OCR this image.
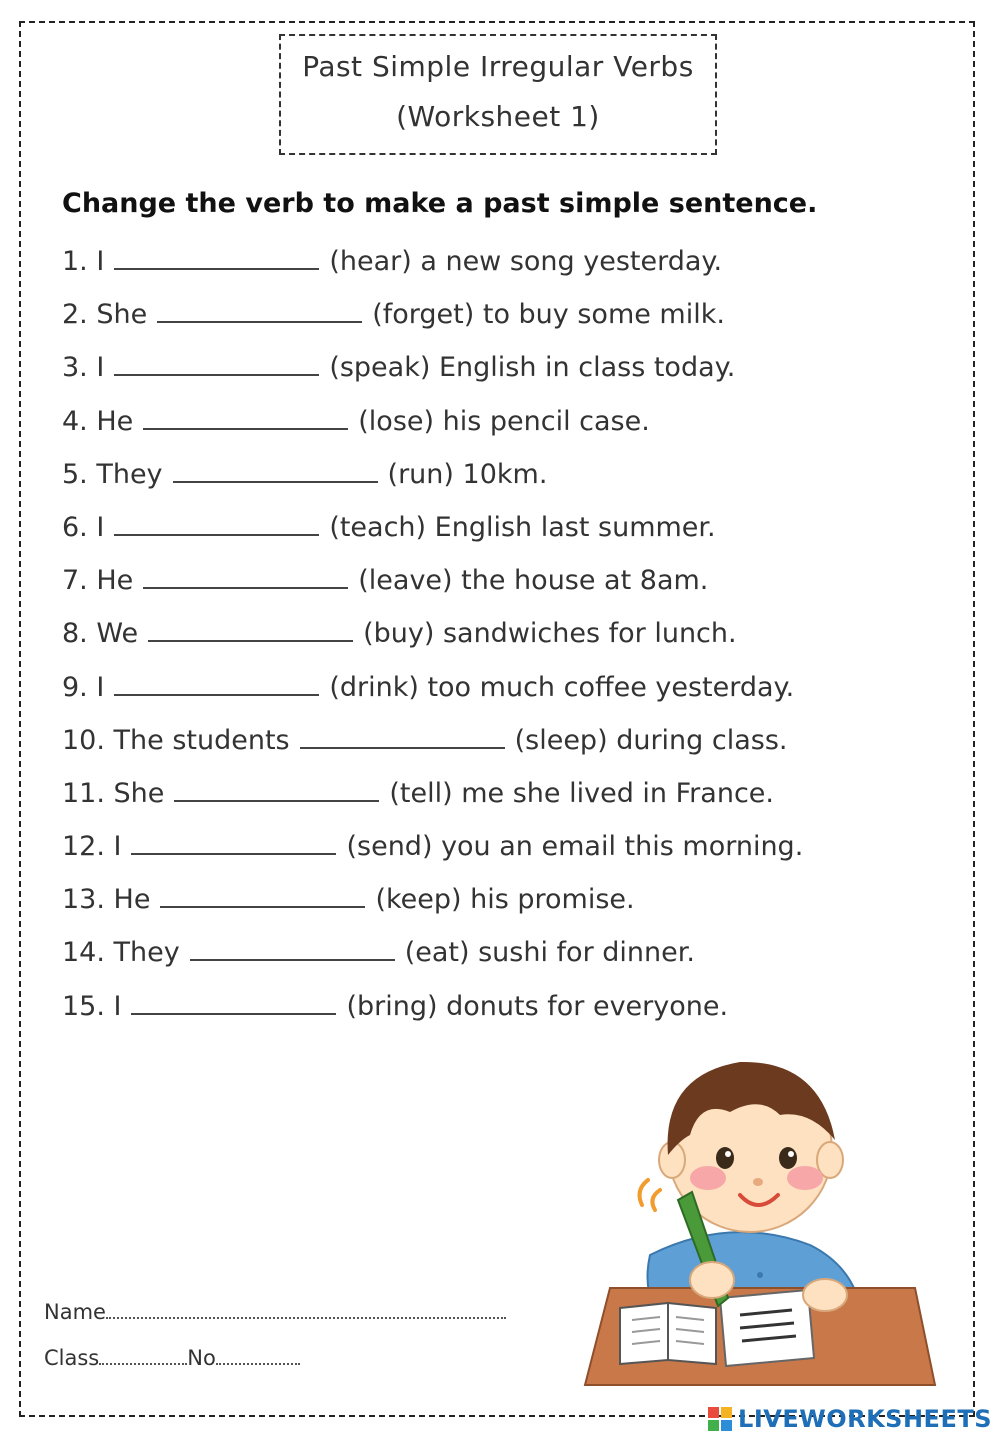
Past Simple Irregular Verbs
(Worksheet 1)
Change the verb to make a past simple sentence.
1. I	(hear) a new song yesterday.
2. She	(forget) to buy some milk.
3. I	(speak) English in class today.
4. He	(lose) his pencil case.
5. They	(run) 10km.
6. I	(teach) English last summer.
7. He	(leave) the house at 8am.
8. We	(buy) sandwiches for lunch.
9. I	(drink) too much coffee yesterday.
10. The students	(sleep) during class.
11. She	(tell) me she lived in France.
12. I	(send) you an email this morning.
13. He	(keep) his promise.
14. They	(eat) sushi for dinner.
15. I	(bring) donuts for everyone.
Name
Class	No
LIVEWORKSHEETS
